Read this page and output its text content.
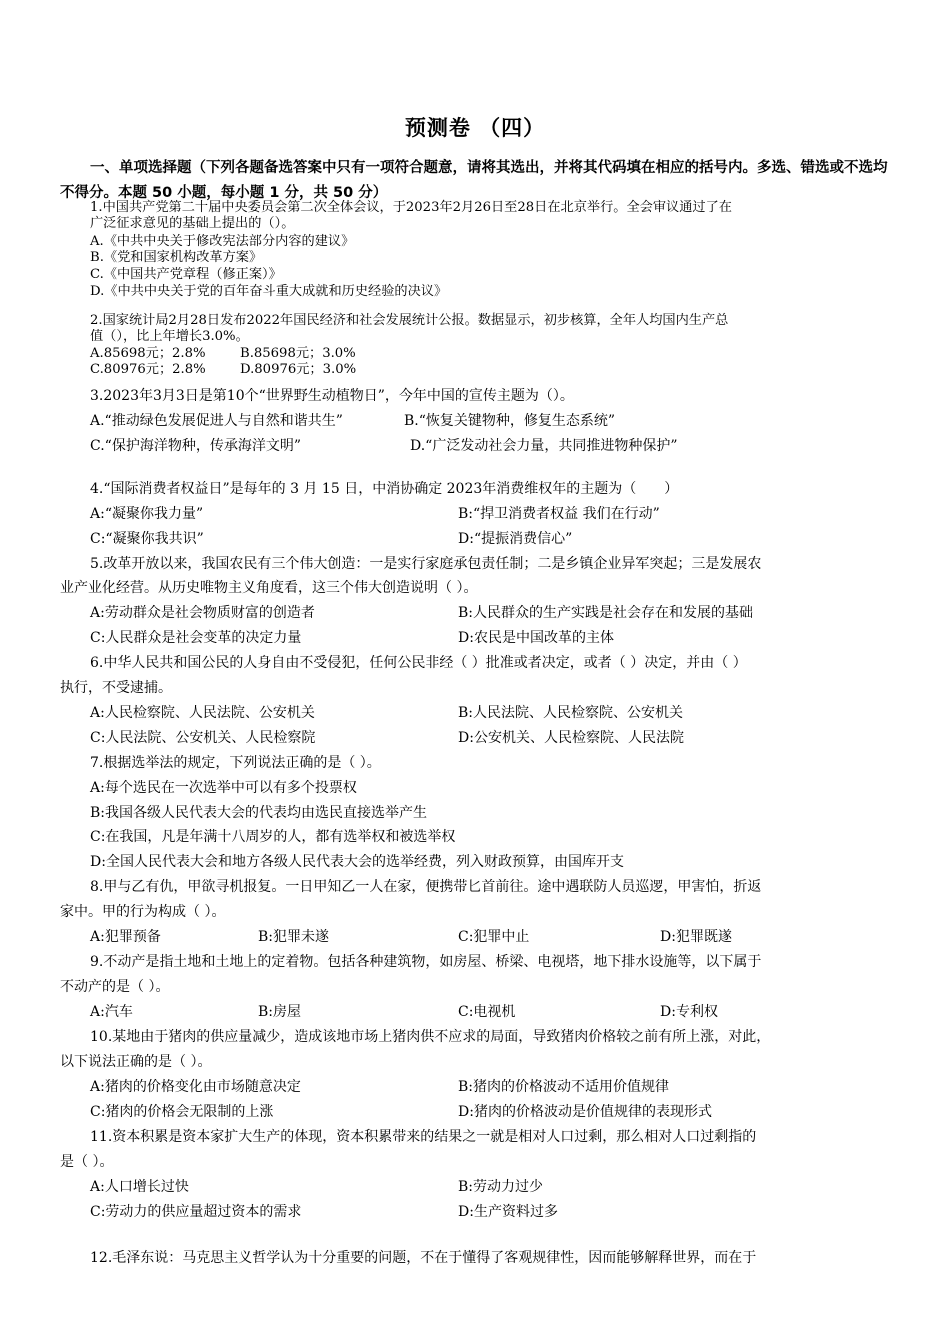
预测卷 （四）
一、单项选择题（下列各题备选答案中只有一项符合题意，请将其选出，并将其代码填在相应的括号内。多选、错选或不选均不得分。本题 50 小题，每小题 1 分，共 50 分）
1.中国共产党第二十届中央委员会第二次全体会议，于2023年2月26日至28日在北京举行。全会审议通过了在
广泛征求意见的基础上提出的（）。
A.《中共中央关于修改宪法部分内容的建议》
B.《党和国家机构改革方案》
C.《中国共产党章程（修正案）》
D.《中共中央关于党的百年奋斗重大成就和历史经验的决议》
2.国家统计局2月28日发布2022年国民经济和社会发展统计公报。数据显示，初步核算，全年人均国内生产总
值（），比上年增长3.0%。
A.85698元；2.8%	B.85698元；3.0%
C.80976元；2.8%	D.80976元；3.0%
3.2023年3月3日是第10个“世界野生动植物日”，今年中国的宣传主题为（）。
A.“推动绿色发展促进人与自然和谐共生”	B.“恢复关键物种，修复生态系统”
C.“保护海洋物种，传承海洋文明”	D.“广泛发动社会力量，共同推进物种保护”
4.“国际消费者权益日”是每年的 3 月 15 日，中消协确定 2023年消费维权年的主题为（　　）
A:“凝聚你我力量”	B:“捍卫消费者权益 我们在行动”
C:“凝聚你我共识”	D:“提振消费信心”
5.改革开放以来，我国农民有三个伟大创造：一是实行家庭承包责任制；二是乡镇企业异军突起；三是发展农
业产业化经营。从历史唯物主义角度看，这三个伟大创造说明（ ）。
A:劳动群众是社会物质财富的创造者	B:人民群众的生产实践是社会存在和发展的基础
C:人民群众是社会变革的决定力量	D:农民是中国改革的主体
6.中华人民共和国公民的人身自由不受侵犯，任何公民非经（ ）批准或者决定，或者（ ）决定，并由（ ）
执行，不受逮捕。
A:人民检察院、人民法院、公安机关	B:人民法院、人民检察院、公安机关
C:人民法院、公安机关、人民检察院	D:公安机关、人民检察院、人民法院
7.根据选举法的规定，下列说法正确的是（ ）。
A:每个选民在一次选举中可以有多个投票权
B:我国各级人民代表大会的代表均由选民直接选举产生
C:在我国，凡是年满十八周岁的人，都有选举权和被选举权
D:全国人民代表大会和地方各级人民代表大会的选举经费，列入财政预算，由国库开支
8.甲与乙有仇，甲欲寻机报复。一日甲知乙一人在家，便携带匕首前往。途中遇联防人员巡逻，甲害怕，折返
家中。甲的行为构成（ ）。
A:犯罪预备	B:犯罪未遂	C:犯罪中止	D:犯罪既遂
9.不动产是指土地和土地上的定着物。包括各种建筑物，如房屋、桥梁、电视塔，地下排水设施等，以下属于
不动产的是（ ）。
A:汽车	B:房屋	C:电视机	D:专利权
10.某地由于猪肉的供应量减少，造成该地市场上猪肉供不应求的局面，导致猪肉价格较之前有所上涨，对此，
以下说法正确的是（ ）。
A:猪肉的价格变化由市场随意决定	B:猪肉的价格波动不适用价值规律
C:猪肉的价格会无限制的上涨	D:猪肉的价格波动是价值规律的表现形式
11.资本积累是资本家扩大生产的体现，资本积累带来的结果之一就是相对人口过剩，那么相对人口过剩指的
是（ ）。
A:人口增长过快	B:劳动力过少
C:劳动力的供应量超过资本的需求	D:生产资料过多
12.毛泽东说：马克思主义哲学认为十分重要的问题，不在于懂得了客观规律性，因而能够解释世界，而在于
